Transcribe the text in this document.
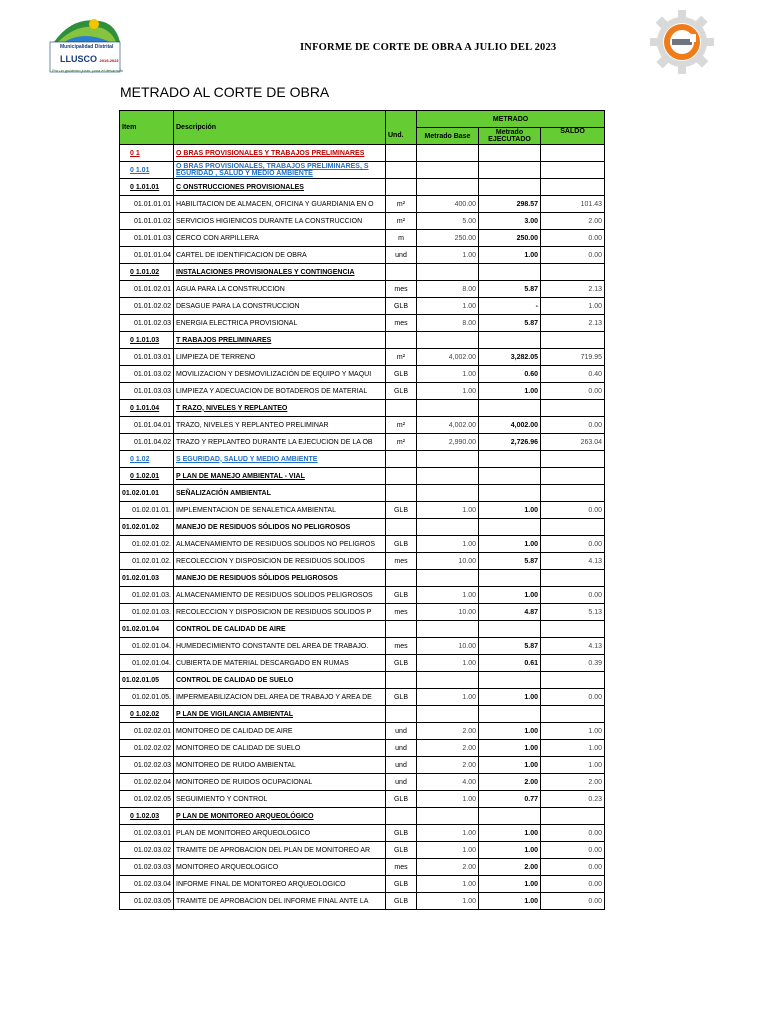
Municipalidad Distrital
LLUSCO 2019-2022
Por un gobierno justo, para el desarrollo
INFORME DE CORTE DE OBRA A JULIO DEL 2023
METRADO AL CORTE DE OBRA
Item	Descripción		METRADO		
		Und.	Metrado Base	Metrado EJECUTADO	SALDO
0 1	O BRAS PROVISIONALES Y TRABAJOS PRELIMINARES				
0 1.01	O BRAS PROVISIONALES, TRABAJOS PRELIMINARES, S EGURIDAD , SALUD Y MEDIO AMBIENTE				
0 1.01.01	C ONSTRUCCIONES PROVISIONALES				
01.01.01.01	HABILITACION DE ALMACEN, OFICINA Y GUARDIANIA EN O	m²	400.00	298.57	101.43
01.01.01.02	SERVICIOS HIGIENICOS DURANTE LA CONSTRUCCION	m²	5.00	3.00	2.00
01.01.01.03	CERCO CON ARPILLERA	m	250.00	250.00	0.00
01.01.01.04	CARTEL DE IDENTIFICACION DE OBRA	und	1.00	1.00	0.00
0 1.01.02	INSTALACIONES PROVISIONALES Y CONTINGENCIA				
01.01.02.01	AGUA PARA LA CONSTRUCCION	mes	8.00	5.87	2.13
01.01.02.02	DESAGUE PARA LA CONSTRUCCION	GLB	1.00	-	1.00
01.01.02.03	ENERGIA ELECTRICA PROVISIONAL	mes	8.00	5.87	2.13
0 1.01.03	T RABAJOS PRELIMINARES				
01.01.03.01	LIMPIEZA DE TERRENO	m²	4,002.00	3,282.05	719.95
01.01.03.02	MOVILIZACION Y DESMOVILIZACIÓN DE EQUIPO Y MAQUI	GLB	1.00	0.60	0.40
01.01.03.03	LIMPIEZA Y ADECUACION DE BOTADEROS DE MATERIAL	GLB	1.00	1.00	0.00
0 1.01.04	T RAZO, NIVELES Y REPLANTEO				
01.01.04.01	TRAZO, NIVELES Y REPLANTEO PRELIMINAR	m²	4,002.00	4,002.00	0.00
01.01.04.02	TRAZO Y REPLANTEO DURANTE LA EJECUCION DE LA OB	m²	2,990.00	2,726.96	263.04
0 1.02	S EGURIDAD, SALUD Y MEDIO AMBIENTE				
0 1.02.01	P LAN DE MANEJO AMBIENTAL - VIAL				
01.02.01.01	SEÑALIZACIÓN AMBIENTAL				
01.02.01.01.	IMPLEMENTACION DE SENALETICA AMBIENTAL	GLB	1.00	1.00	0.00
01.02.01.02	MANEJO DE RESIDUOS SÓLIDOS NO PELIGROSOS				
01.02.01.02.	ALMACENAMIENTO DE RESIDUOS SOLIDOS NO PELIGROS	GLB	1.00	1.00	0.00
01.02.01.02.	RECOLECCION Y DISPOSICION DE RESIDUOS SOLIDOS	mes	10.00	5.87	4.13
01.02.01.03	MANEJO DE RESIDUOS SÓLIDOS PELIGROSOS				
01.02.01.03.	ALMACENAMIENTO DE RESIDUOS SOLIDOS PELIGROSOS	GLB	1.00	1.00	0.00
01.02.01.03.	RECOLECCION Y DISPOSICION DE RESIDUOS SOLIDOS P	mes	10.00	4.87	5.13
01.02.01.04	CONTROL DE CALIDAD DE AIRE				
01.02.01.04.	HUMEDECIMIENTO CONSTANTE DEL AREA DE TRABAJO.	mes	10.00	5.87	4.13
01.02.01.04.	CUBIERTA DE MATERIAL DESCARGADO EN RUMAS	GLB	1.00	0.61	0.39
01.02.01.05	CONTROL DE CALIDAD DE SUELO				
01.02.01.05.	IMPERMEABILIZACION DEL AREA DE TRABAJO Y AREA DE	GLB	1.00	1.00	0.00
0 1.02.02	P LAN DE VIGILANCIA AMBIENTAL				
01.02.02.01	MONITOREO DE CALIDAD DE AIRE	und	2.00	1.00	1.00
01.02.02.02	MONITOREO DE CALIDAD DE SUELO	und	2.00	1.00	1.00
01.02.02.03	MONITOREO DE RUIDO AMBIENTAL	und	2.00	1.00	1.00
01.02.02.04	MONITOREO DE RUIDOS OCUPACIONAL	und	4.00	2.00	2.00
01.02.02.05	SEGUIMIENTO Y CONTROL	GLB	1.00	0.77	0.23
0 1.02.03	P LAN DE MONITOREO ARQUEOLÓGICO				
01.02.03.01	PLAN DE MONITOREO ARQUEOLOGICO	GLB	1.00	1.00	0.00
01.02.03.02	TRAMITE DE APROBACION DEL PLAN DE MONITOREO AR	GLB	1.00	1.00	0.00
01.02.03.03	MONITOREO ARQUEOLOGICO	mes	2.00	2.00	0.00
01.02.03.04	INFORME FINAL DE MONITOREO ARQUEOLOGICO	GLB	1.00	1.00	0.00
01.02.03.05	TRAMITE DE APROBACION DEL INFORME FINAL ANTE LA	GLB	1.00	1.00	0.00
